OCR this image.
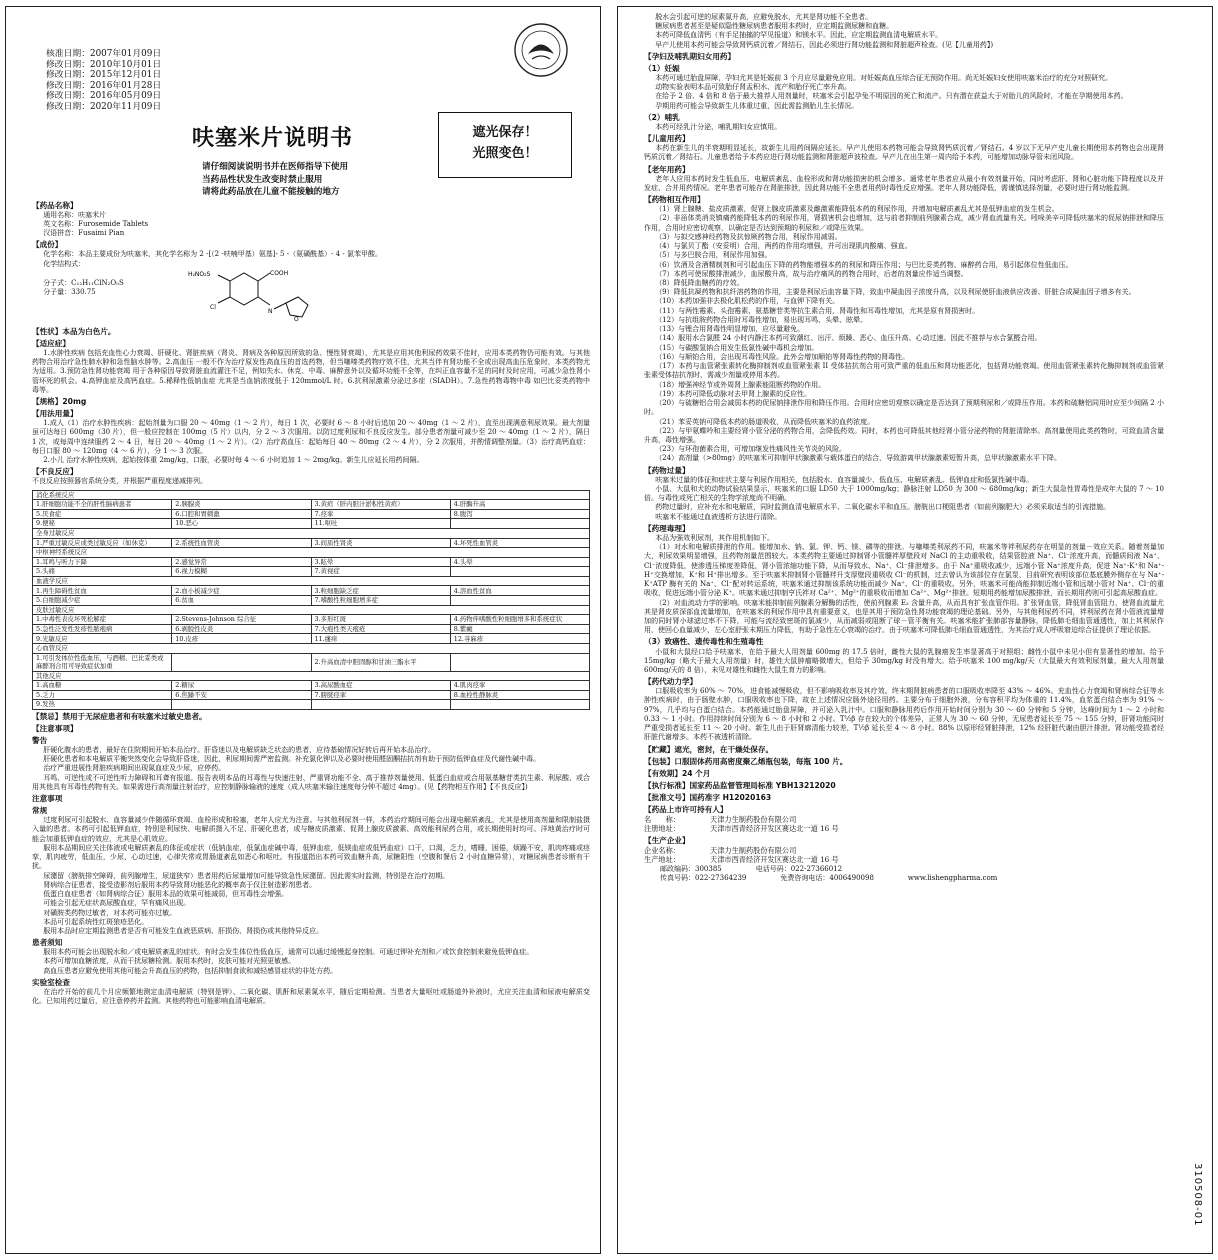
核准日期：2007年01月09日
修改日期：2010年10月01日
修改日期：2015年12月01日
修改日期：2016年01月28日
修改日期：2016年05月09日
修改日期：2020年11月09日
呋塞米片说明书
请仔细阅读说明书并在医师指导下使用
当药品性状发生改变时禁止服用
请将此药品放在儿童不能接触的地方
【药品名称】
通用名称：呋塞米片
英文名称：Furosemide Tablets
汉语拼音：Fusaimi Pian
【成份】
化学名称：本品主要成份为呋塞米，其化学名称为 2 -[（2 -呋喃甲基）氨基]- 5 -（氨磺酰基）- 4 - 氯苯甲酸。
化学结构式：
分子式：C₁₂H₁₁ClN₂O₅S
分子量：330.75
COOH
H₂NO₂S
Cl
N
O
【性状】本品为白色片。
【适应症】
1.水肿性疾病 包括充血性心力衰竭、肝硬化、肾脏疾病（肾炎、肾病及各种原因所致的急、慢性肾衰竭），尤其是应用其他利尿药效果不佳时，应用本类药物仍可能有效。与其他药物合用治疗急性肺水肿和急性脑水肿等。2.高血压 一般不作为治疗原发性高血压的首选药物，但当噻嗪类药物疗效不佳，尤其当伴有肾功能不全或出现高血压危象时，本类药物尤为适用。3.预防急性肾功能衰竭 用于各种原因导致肾脏血流灌注不足，例如失水、休克、中毒、麻醉意外以及循环功能不全等，在纠正血容量不足的同时及时应用，可减少急性肾小管坏死的机会。4.高钾血症及高钙血症。5.稀释性低钠血症 尤其是当血钠浓度低于 120mmol/L 时。6.抗利尿激素分泌过多症（SIADH）。7.急性药物毒物中毒 如巴比妥类药物中毒等。
【规格】20mg
【用法用量】
1.成人（1）治疗水肿性疾病：起始剂量为口服 20 ～ 40mg（1 ～ 2 片），每日 1 次，必要时 6 ～ 8 小时后追加 20 ～ 40mg（1 ～ 2 片），直至出现满意利尿效果。最大剂量虽可达每日 600mg（30 片），但一般应控制在 100mg（5 片）以内，分 2 ～ 3 次服用。以防过度利尿和不良反应发生。部分患者剂量可减少至 20 ～ 40mg（1 ～ 2 片），隔日 1 次，或每周中连续服药 2 ～ 4 日，每日 20 ～ 40mg（1 ～ 2 片）。（2）治疗高血压：起始每日 40 ～ 80mg（2 ～ 4 片），分 2 次服用，并酌情调整剂量。（3）治疗高钙血症：每日口服 80 ～ 120mg（4 ～ 6 片），分 1 ～ 3 次服。
2.小儿 治疗水肿性疾病，起始按体重 2mg/kg，口服，必要时每 4 ～ 6 小时追加 1 ～ 2mg/kg。新生儿应延长用药间隔。
【不良反应】
不良反应按照器官系统分类，并根据严重程度递减排列。
消化系统反应			
1.肝细胞功能不全的肝性脑病患者	2.胰腺炎	3.黄疸（肝内胆汁淤积性黄疸）	4.肝酶升高
5.厌食症	6.口腔和胃刺激	7.痉挛	8.腹泻
9.便秘	10.恶心	11.呕吐	
全身过敏反应			
1.严重过敏反应或类过敏反应（如休克）	2.系统性血管炎	3.间质性肾炎	4.坏死性血管炎
中枢神经系统反应			
1.耳鸣与听力下降	2.感觉异常	3.眩晕	4.头晕
5.头痛	6.视力模糊	7.黄视症	
血液学反应			
1.再生障碍性贫血	2.血小板减少症	3.粒细胞缺乏症	4.溶血性贫血
5.白细胞减少症	6.贫血	7.嗜酸性粒细胞增多症	
皮肤过敏反应			
1.中毒性表皮坏死松解症	2.Stevens-Johnson 综合征	3.多形红斑	4.药物伴嗜酸性粒细胞增多和系统症状
5.急性泛发性发疹性脓疱病	6.剥脱性皮炎	7.大疱性类天疱疮	8.紫癜
9.光敏反应	10.皮疹	11.瘙痒	12.荨麻疹
心血管反应			
1.可引发体位性低血压，与酒精、巴比妥类或麻醉剂合用可导致症状加重		2.升高血清中胆固醇和甘油三酯水平	
其他反应			
1.高血糖	2.糖尿	3.高尿酸血症	4.肌肉痉挛
5.乏力	6.焦躁不安	7.膀胱痉挛	8.血栓性静脉炎
9.发热			
【禁忌】禁用于无尿症患者和有呋塞米过敏史患者。
【注意事项】
警告
肝硬化腹水的患者，最好在住院期间开始本品治疗。肝昏迷以及电解质缺乏状态的患者，应待基础情况好转后再开始本品治疗。
肝硬化患者和本电解质平衡突然变化会导致肝昏迷，因此，利尿期间需严密监测。补充氯化钾以及必要时使用醛固酮拮抗剂有助于预防低钾血症及代谢性碱中毒。
治疗严重进展性肾脏疾病期间出现氮血症及少尿，应停药。
耳鸣、可逆性或不可逆性听力障碍和耳聋有报道。报告表明本品的耳毒性与快速注射、严重肾功能不全、高于推荐剂量使用、低蛋白血症或合用氨基糖苷类抗生素、利尿酸、或合用其他具有耳毒性药物有关。如果需进行高剂量注射治疗，应控制静脉输液的速度（成人呋塞米输注速度每分钟不超过 4mg）。(见【药物相互作用】【不良反应】)
注意事项
常规
过度利尿可引起脱水、血容量减少伴随循环衰竭、血栓形成和栓塞，老年人应尤为注意。与其他利尿剂一样，本药治疗期间可能会出现电解质紊乱，尤其是使用高剂量和限制盐摄入量的患者。本药可引起低钾血症，特别是利尿快、电解质摄入不足、肝硬化患者，或与糖皮质激素、促肾上腺皮质激素、高效能利尿药合用，或长期使用时均可。洋地黄治疗时可能会加重低钾血症的效应，尤其是心肌效应。
服用本品期间应关注体液或电解质紊乱的体征或症状（低钠血症，低氯血症碱中毒，低钾血症，低镁血症或低钙血症）口干，口渴，乏力，嗜睡，困倦，烦躁不安，肌肉疼痛或痉挛，肌肉疲劳，低血压，少尿，心动过速，心律失常或胃肠道紊乱如恶心和呕吐。有报道指出本药可致血糖升高，尿糖阳性（空腹和餐后 2 小时血糖异常），对糖尿病患者诊断有干扰。
尿潴留（膀胱排空障碍，前列腺增生，尿道狭窄）患者用药后尿量增加可能导致急性尿潴留。因此需实时监测，特别是在治疗初期。
肾病综合征患者，接受造影剂后服用本药导致肾功能恶化的概率高于仅注射造影剂患者。
低蛋白血症患者（如肾病综合征）服用本品的效果可能减弱，但耳毒性会增强。
可能会引起无症状高尿酸血症，罕有痛风出现。
对磺胺类药物过敏者，对本药可能亦过敏。
本品可引起系统性红斑狼疮恶化。
服用本品时应定期监测患者是否有可能发生血液恶质病、肝损伤、肾损伤或其他特异反应。
患者须知
服用本药可能会出现脱水和／或电解质紊乱的症状。有时会发生体位性低血压，通常可以通过缓慢起身控制。可通过钾补充剂和／或饮食控制来避免低钾血症。
本药可增加血糖浓度，从而干扰尿糖检测。服用本药时，皮肤可能对光照更敏感。
高血压患者应避免使用其他可能会升高血压的药物，包括抑制食欲和减轻感冒症状的非处方药。
实验室检查
在治疗开始的前几个月应频繁地测定血清电解质（特别是钾）、二氧化碳、肌酐和尿素氮水平，随后定期检测。当患者大量呕吐或肠道外补液时，尤应关注血清和尿液电解质变化。已知用药过量后，应注意停药并监测。其他药物也可能影响血清电解质。
遮光保存！
光照变色！
脱水会引起可逆的尿素氮升高，应避免脱水，尤其是肾功能不全患者。
糖尿病患者甚至是疑似隐性糖尿病患者服用本药时，应定期监测尿糖和血糖。
本药可降低血清钙（有手足抽搐的罕见报道）和镁水平。因此，应定期监测血清电解质水平。
早产儿使用本药可能会导致肾钙质沉着／肾结石，因此必须进行肾功能监测和肾脏超声检查。(见【儿童用药】)
【孕妇及哺乳期妇女用药】
（1）妊娠
本药可通过胎盘屏障，孕妇尤其是妊娠前 3 个月应尽量避免应用。对妊娠高血压综合征无预防作用。尚无妊娠妇女使用呋塞米治疗的充分对照研究。
动物实验表明本品可致胎仔肾盂积水、流产和胎仔死亡率升高。
在给予 2 倍、4 倍和 8 倍于最大推荐人用剂量时，呋塞米会引起孕兔不明原因的死亡和流产。只有潜在获益大于对胎儿的风险时，才能在孕期使用本药。
孕期用药可能会导致新生儿体重过重，因此需监测胎儿生长情况。
（2）哺乳
本药可经乳汁分泌，哺乳期妇女应慎用。
【儿童用药】
本药在新生儿的半衰期明显延长，故新生儿用药间隔应延长。早产儿使用本药物可能会导致肾钙质沉着／肾结石。4 岁以下无早产史儿童长期使用本药物也会出现肾钙质沉着／肾结石。儿童患者给予本药应进行肾功能监测和肾脏超声波检查。早产儿在出生第一周内给予本药，可能增加动脉导管未闭风险。
【老年用药】
老年人应用本药时发生低血压、电解质紊乱、血栓形成和肾功能损害的机会增多。通常老年患者应从最小有效剂量开始，同时考虑肝、肾和心脏功能下降程度以及并发症、合并用药情况。老年患者可能存在肾脏排泄，因此肾功能不全患者用药时毒性反应增强。老年人肾功能降低，需谨慎选择剂量，必要时进行肾功能监测。
【药物相互作用】
（1）肾上腺糖、盐皮质激素，促肾上腺皮质激素及雌激素能降低本药的利尿作用，并增加电解质紊乱尤其是低钾血症的发生机会。
（2）非甾体类消炎镇痛药能降低本药的利尿作用，肾损害机会也增加，这与前者抑制前列腺素合成，减少肾血流量有关。吲哚美辛可降低呋塞米的促尿钠排泄和降压作用，合用时应密切观察，以确定是否达到预期的利尿和／或降压效果。
（3）与拟交感神经药物及抗惊厥药物合用，利尿作用减弱。
（4）与氯贝丁酯（安妥明）合用，两药的作用均增强，并可出现肌肉酸痛、强直。
（5）与多巴胺合用，利尿作用加强。
（6）饮酒及含酒精制剂和可引起血压下降的药物能增强本药的利尿和降压作用；与巴比妥类药物、麻醉药合用，易引起体位性低血压。
（7）本药可使尿酸排泄减少，血尿酸升高，故与治疗痛风的药物合用时，后者的剂量应作适当调整。
（8）降低降血糖药的疗效。
（9）降低抗凝药物和抗纤溶药物的作用，主要是利尿后血容量下降，致血中凝血因子浓度升高，以及利尿使肝血液供应改善、肝脏合成凝血因子增多有关。
（10）本药加强非去极化肌松药的作用，与血钾下降有关。
（11）与两性霉素、头孢霉素、氨基糖苷类等抗生素合用，肾毒性和耳毒性增加，尤其是原有肾损害时。
（12）与抗组胺药物合用时耳毒性增加，易出现耳鸣、头晕、眩晕。
（13）与锂合用肾毒性明显增加，应尽量避免。
（14）服用水合氯醛 24 小时内静注本药可致潮红、出汗、烦躁、恶心、血压升高、心动过速。因此不推荐与水合氯醛合用。
（15）与碳酸氢钠合用发生低氯性碱中毒机会增加。
（16）与顺铂合用，会出现耳毒性风险。此外会增加顺铂等肾毒性药物的肾毒性。
（17）本药与血管紧张素转化酶抑制剂或血管紧张素 II 受体拮抗剂合用可致严重的低血压和肾功能恶化，包括肾功能衰竭。使用血管紧张素转化酶抑制剂或血管紧张素受体拮抗剂时，需减少剂量或停用本药。
（18）增强神经节或外周肾上腺素能阻断药物的作用。
（19）本药可降低动脉对去甲肾上腺素的反应性。
（20）与硫糖铝合用会减弱本药的促尿钠排泄作用和降压作用。合用时应密切观察以确定是否达到了预期利尿和／或降压作用。本药和硫糖铝同用时应至少间隔 2 小时。
（21）苯妥英钠可降低本药的肠道吸收，从而降低呋塞米的血药浓度。
（22）与甲氨蝶呤和主要经肾小管分泌的药物合用，会降低药效。同时，本药也可降低其他经肾小管分泌药物的肾脏清除率。高剂量使用此类药物时，可致血清含量升高，毒性增强。
（23）与环孢菌素合用，可增加继发性痛风性关节炎的风险。
（24）高剂量（>80mg）的呋塞米可抑制甲状腺激素与载体蛋白的结合，导致游离甲状腺激素短暂升高，总甲状腺激素水平下降。
【药物过量】
呋塞米过量的体征和症状主要与利尿作用相关，包括脱水、血容量减少、低血压、电解质紊乱、低钾血症和低氯性碱中毒。
小鼠、大鼠和犬的动物试验结果显示，呋塞米的口服 LD50 大于 1000mg/kg；静脉注射 LD50 为 300 ～ 680mg/kg；新生大鼠急性胃毒性是成年大鼠的 7 ～ 10 倍。与毒性或死亡相关的生物学浓度尚不明确。
药物过量时，应补充水和电解质，同时监测血清电解质水平、二氧化碳水平和血压。膀胱出口梗阻患者（如前列腺肥大）必须采取适当的引流措施。
呋塞米不能通过血液透析方法进行清除。
【药理毒理】
本品为强效利尿剂，其作用机制如下。
（1）对水和电解质排泄的作用。能增加水、钠、氯、钾、钙、镁、磷等的排泄。与噻嗪类利尿药不同，呋塞米等袢利尿药存在明显的剂量－效应关系。随着剂量加大，利尿效果明显增强，且药物剂量范围较大。本类药物主要通过抑制肾小管髓袢厚壁段对 NaCl 的主动重吸收，结果管腔液 Na⁺、Cl⁻浓度升高，而髓质间液 Na⁺、Cl⁻浓度降低，使渗透压梯度差降低，肾小管浓缩功能下降，从而导致水、Na⁺、Cl⁻排泄增多。由于 Na⁺重吸收减少，远端小管 Na⁺浓度升高，促进 Na⁺-K⁺和 Na⁺-H⁺交换增加，K⁺和 H⁺排出增多。至于呋塞米抑制肾小管髓袢升支厚壁段重吸收 Cl⁻的机制，过去曾认为该部位存在氯泵，目前研究表明该部位基底膜外侧存在与 Na⁺-K⁺ATP 酶有关的 Na⁺、Cl⁻配对转运系统，呋塞米通过抑制该系统功能而减少 Na⁺、Cl⁻的重吸收。另外，呋塞米可能尚能抑制近端小管和远端小管对 Na⁺、Cl⁻的重吸收，促进远端小管分泌 K⁺。呋塞米通过抑制亨氏袢对 Ca²⁺、Mg²⁺的重吸收而增加 Ca²⁺、Mg²⁺排泄。短期用药能增加尿酸排泄，而长期用药则可引起高尿酸血症。
（2）对血流动力学的影响。呋塞米能抑制前列腺素分解酶的活性，使前列腺素 E₂ 含量升高，从而具有扩张血管作用。扩张肾血管，降低肾血管阻力，使肾血流量尤其是肾皮质深部血流量增加，在呋塞米的利尿作用中具有重要意义，也是其用于预防急性肾功能衰竭的理论基础。另外，与其他利尿药不同，袢利尿药在肾小管液流量增加的同时肾小球滤过率不下降，可能与流经致密斑的氯减少，从而减弱或阻断了球－管平衡有关。呋塞米能扩张肺部容量静脉，降低肺毛细血管通透性，加上其利尿作用，使回心血量减少，左心室舒张末期压力降低，有助于急性左心衰竭的治疗。由于呋塞米可降低肺毛细血管通透性，为其治疗成人呼吸窘迫综合征提供了理论依据。
（3）致癌性、遗传毒性和生殖毒性
小鼠和大鼠经口给予呋塞米，在给予最大人用剂量 600mg 的 17.5 倍时，雌性大鼠的乳腺癌发生率显著高于对照组；雌性小鼠中未见小但有显著性的增加。给予 15mg/kg（略大于最大人用剂量）时，雄性大鼠肿瘤略微增大，但给予 30mg/kg 时没有增大。给予呋塞米 100 mg/kg/天（大鼠最大有效利尿剂量，最大人用剂量 600mg/天的 8 倍），未见对雄性和雌性大鼠生育力的影响。
【药代动力学】
口服吸收率为 60% ～ 70%，进食能减慢吸收，但不影响吸收率及其疗效。终末期肾脏病患者的口服吸收率降至 43% ～ 46%。充血性心力衰竭和肾病综合征等水肿性疾病时，由于肠壁水肿，口服吸收率也下降，故在上述情况应肠外途径用药。主要分布于细胞外液，分布容积平均为体重的 11.4%，血浆蛋白结合率为 91% ～ 97%，几乎均与白蛋白结合。本药能通过胎盘屏障，并可泌入乳汁中。口服和静脉用药后作用开始时间分别为 30 ～ 60 分钟和 5 分钟，达峰时间为 1 ～ 2 小时和 0.33 ～ 1 小时。作用持续时间分别为 6 ～ 8 小时和 2 小时。T½β 存在较大的个体差异，正常人为 30 ～ 60 分钟，无尿患者延长至 75 ～ 155 分钟，肝肾功能同时严重受损者延长至 11 ～ 20 小时。新生儿由于肝肾廓清能力较差，T½β 延长至 4 ～ 8 小时。88% 以原形经肾脏排泄，12% 经肝脏代谢由胆汁排泄。肾功能受损者经肝脏代谢增多。本药不被透析清除。
【贮藏】遮光，密封，在干燥处保存。
【包装】口服固体药用高密度聚乙烯瓶包装，每瓶 100 片。
【有效期】24 个月
【执行标准】国家药品监督管理局标准 YBH13212020
【批准文号】国药准字 H12020163
【药品上市许可持有人】
名　　称：	天津力生制药股份有限公司
注册地址：	天津市西青经济开发区赛达北一道 16 号
【生产企业】
企业名称：	天津力生制药股份有限公司
生产地址：	天津市西青经济开发区赛达北一道 16 号
邮政编码：300385	电话号码：022-27366012
传真号码：022-27364239	免费咨询电话：4006490098	www.lishengpharma.com
310508-01
